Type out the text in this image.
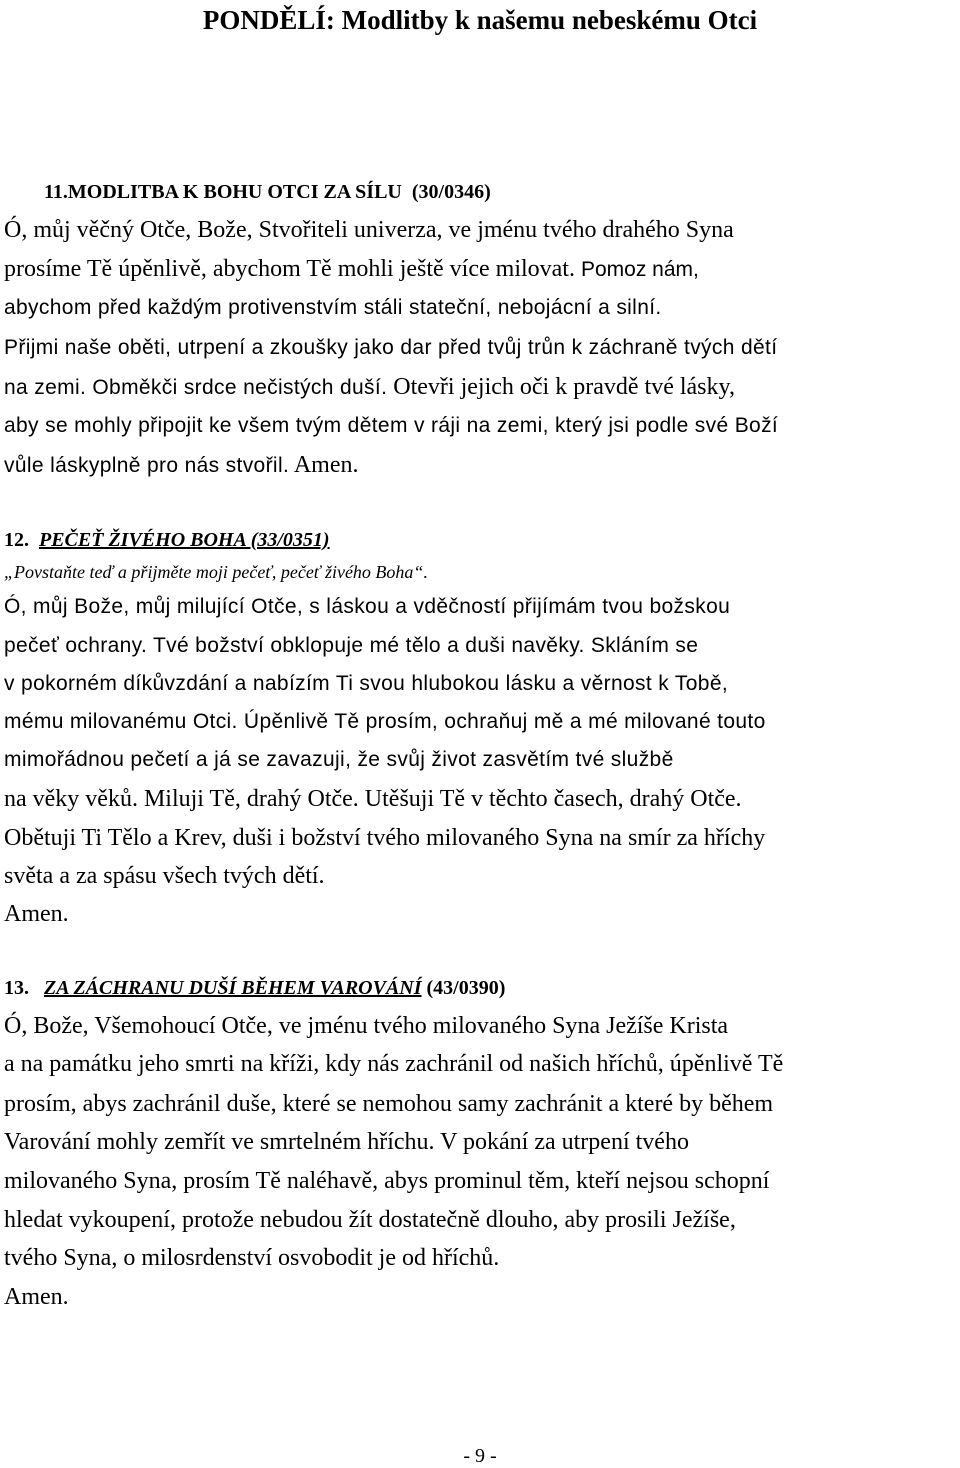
PONDĚLÍ: Modlitby k našemu nebeskému Otci
11.MODLITBA K BOHU OTCI ZA SÍLU (30/0346)
Ó, můj věčný Otče, Bože, Stvořiteli univerza, ve jménu tvého drahého Syna
prosíme Tě úpěnlivě, abychom Tě mohli ještě více milovat. Pomoz nám,
abychom před každým protivenstvím stáli stateční, nebojácní a silní.
Přijmi naše oběti, utrpení a zkoušky jako dar před tvůj trůn k záchraně tvých dětí
na zemi. Obměkči srdce nečistých duší. Otevři jejich oči k pravdě tvé lásky,
aby se mohly připojit ke všem tvým dětem v ráji na zemi, který jsi podle své Boží
vůle láskyplně pro nás stvořil. Amen.
12. PEČEŤ ŽIVÉHO BOHA (33/0351)
„Povstaňte teď a přijměte moji pečeť, pečeť živého Boha“.
Ó, můj Bože, můj milující Otče, s láskou a vděčností přijímám tvou božskou
pečeť ochrany. Tvé božství obklopuje mé tělo a duši navěky. Skláním se
v pokorném díkůvzdání a nabízím Ti svou hlubokou lásku a věrnost k Tobě,
mému milovanému Otci. Úpěnlivě Tě prosím, ochraňuj mě a mé milované touto
mimořádnou pečetí a já se zavazuji, že svůj život zasvětím tvé službě
na věky věků. Miluji Tě, drahý Otče. Utěšuji Tě v těchto časech, drahý Otče.
Obětuji Ti Tělo a Krev, duši i božství tvého milovaného Syna na smír za hříchy
světa a za spásu všech tvých dětí.
Amen.
13. ZA ZÁCHRANU DUŠÍ BĚHEM VAROVÁNÍ (43/0390)
Ó, Bože, Všemohoucí Otče, ve jménu tvého milovaného Syna Ježíše Krista
a na památku jeho smrti na kříži, kdy nás zachránil od našich hříchů, úpěnlivě Tě
prosím, abys zachránil duše, které se nemohou samy zachránit a které by během
Varování mohly zemřít ve smrtelném hříchu. V pokání za utrpení tvého
milovaného Syna, prosím Tě naléhavě, abys prominul těm, kteří nejsou schopní
hledat vykoupení, protože nebudou žít dostatečně dlouho, aby prosili Ježíše,
tvého Syna, o milosrdenství osvobodit je od hříchů.
Amen.
- 9 -
